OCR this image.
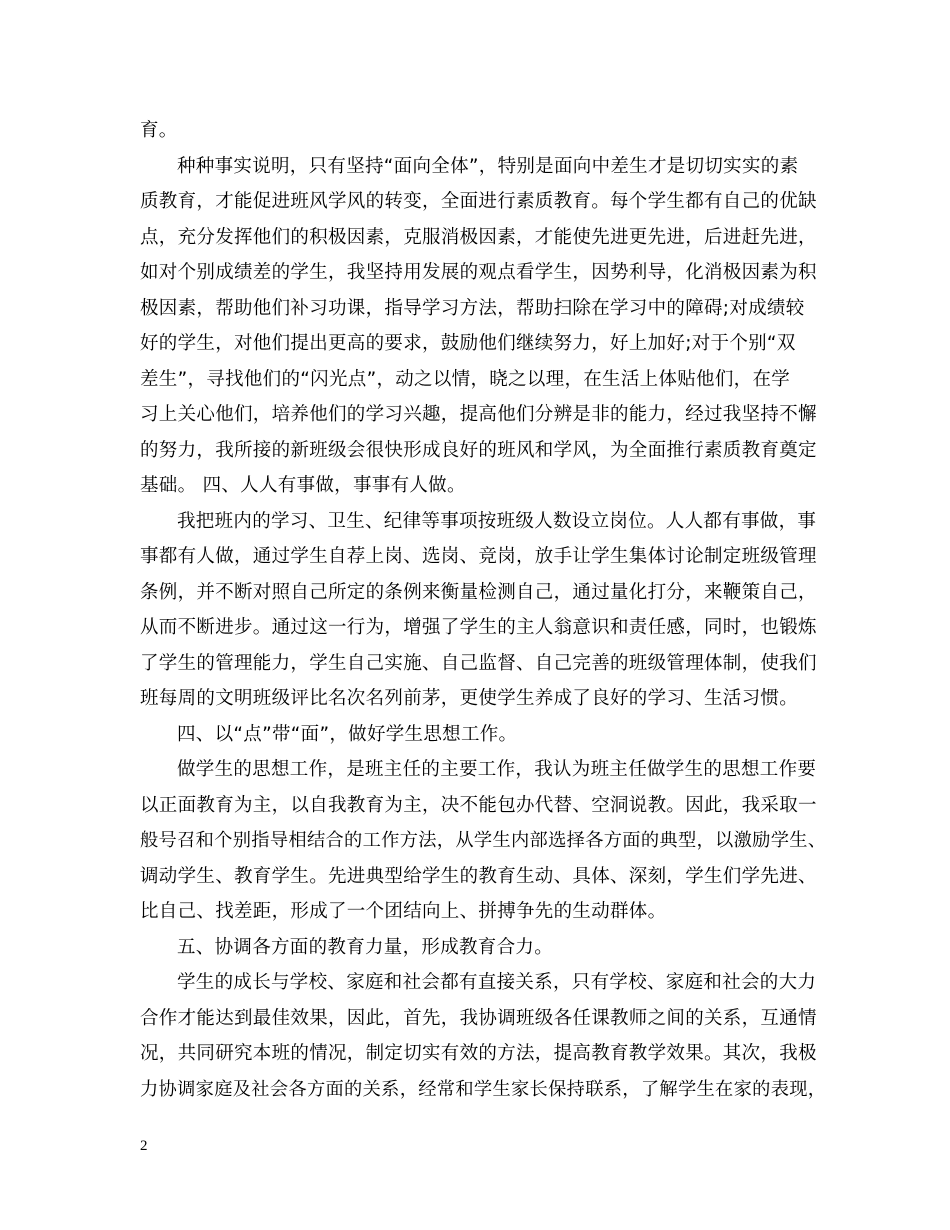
育。
种种事实说明，只有坚持“面向全体”，特别是面向中差生才是切切实实的素
质教育，才能促进班风学风的转变，全面进行素质教育。每个学生都有自己的优缺
点，充分发挥他们的积极因素，克服消极因素，才能使先进更先进，后进赶先进，
如对个别成绩差的学生，我坚持用发展的观点看学生，因势利导，化消极因素为积
极因素，帮助他们补习功课，指导学习方法，帮助扫除在学习中的障碍;对成绩较
好的学生，对他们提出更高的要求，鼓励他们继续努力，好上加好;对于个别“双
差生”，寻找他们的“闪光点”，动之以情，晓之以理，在生活上体贴他们，在学
习上关心他们，培养他们的学习兴趣，提高他们分辨是非的能力，经过我坚持不懈
的努力，我所接的新班级会很快形成良好的班风和学风，为全面推行素质教育奠定
基础。 四、人人有事做，事事有人做。
我把班内的学习、卫生、纪律等事项按班级人数设立岗位。人人都有事做，事
事都有人做，通过学生自荐上岗、选岗、竞岗，放手让学生集体讨论制定班级管理
条例，并不断对照自己所定的条例来衡量检测自己，通过量化打分，来鞭策自己，
从而不断进步。通过这一行为，增强了学生的主人翁意识和责任感，同时，也锻炼
了学生的管理能力，学生自己实施、自己监督、自己完善的班级管理体制，使我们
班每周的文明班级评比名次名列前茅，更使学生养成了良好的学习、生活习惯。
四、以“点”带“面”，做好学生思想工作。
做学生的思想工作，是班主任的主要工作，我认为班主任做学生的思想工作要
以正面教育为主，以自我教育为主，决不能包办代替、空洞说教。因此，我采取一
般号召和个别指导相结合的工作方法，从学生内部选择各方面的典型，以激励学生、
调动学生、教育学生。先进典型给学生的教育生动、具体、深刻，学生们学先进、
比自己、找差距，形成了一个团结向上、拼搏争先的生动群体。
五、协调各方面的教育力量，形成教育合力。
学生的成长与学校、家庭和社会都有直接关系，只有学校、家庭和社会的大力
合作才能达到最佳效果，因此，首先，我协调班级各任课教师之间的关系，互通情
况，共同研究本班的情况，制定切实有效的方法，提高教育教学效果。其次，我极
力协调家庭及社会各方面的关系，经常和学生家长保持联系，了解学生在家的表现，
2
